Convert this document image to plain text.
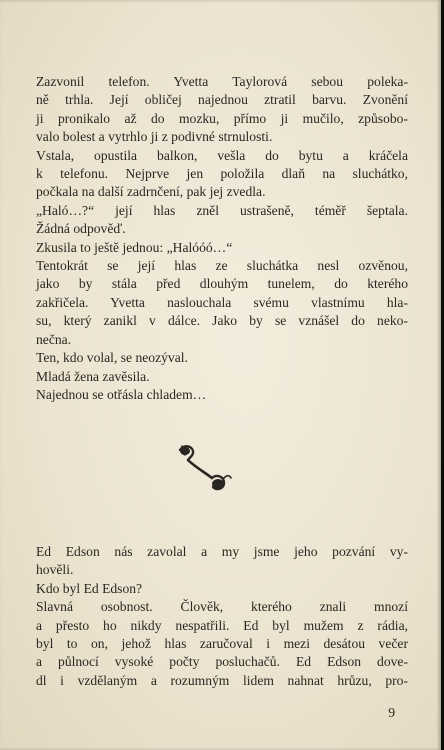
Zazvonil telefon. Yvetta Taylorová sebou poleka-
ně trhla. Její obličej najednou ztratil barvu. Zvonění
ji pronikalo až do mozku, přímo ji mučilo, způsobo-
valo bolest a vytrhlo ji z podivné strnulosti.
Vstala, opustila balkon, vešla do bytu a kráčela
k telefonu. Nejprve jen položila dlaň na sluchátko,
počkala na další zadrnčení, pak jej zvedla.
„Haló…?“ její hlas zněl ustrašeně, téměř šeptala.
Žádná odpověď.
Zkusila to ještě jednou: „Halóóó…“
Tentokrát se její hlas ze sluchátka nesl ozvěnou,
jako by stála před dlouhým tunelem, do kterého
zakřičela. Yvetta naslouchala svému vlastnímu hla-
su, který zanikl v dálce. Jako by se vznášel do neko-
nečna.
Ten, kdo volal, se neozýval.
Mladá žena zavěsila.
Najednou se otřásla chladem…
Ed Edson nás zavolal a my jsme jeho pozvání vy-
hověli.
Kdo byl Ed Edson?
Slavná osobnost. Člověk, kterého znali mnozí
a přesto ho nikdy nespatřili. Ed byl mužem z rádia,
byl to on, jehož hlas zaručoval i mezi desátou večer
a půlnocí vysoké počty posluchačů. Ed Edson dove-
dl i vzdělaným a rozumným lidem nahnat hrůzu, pro-
9
